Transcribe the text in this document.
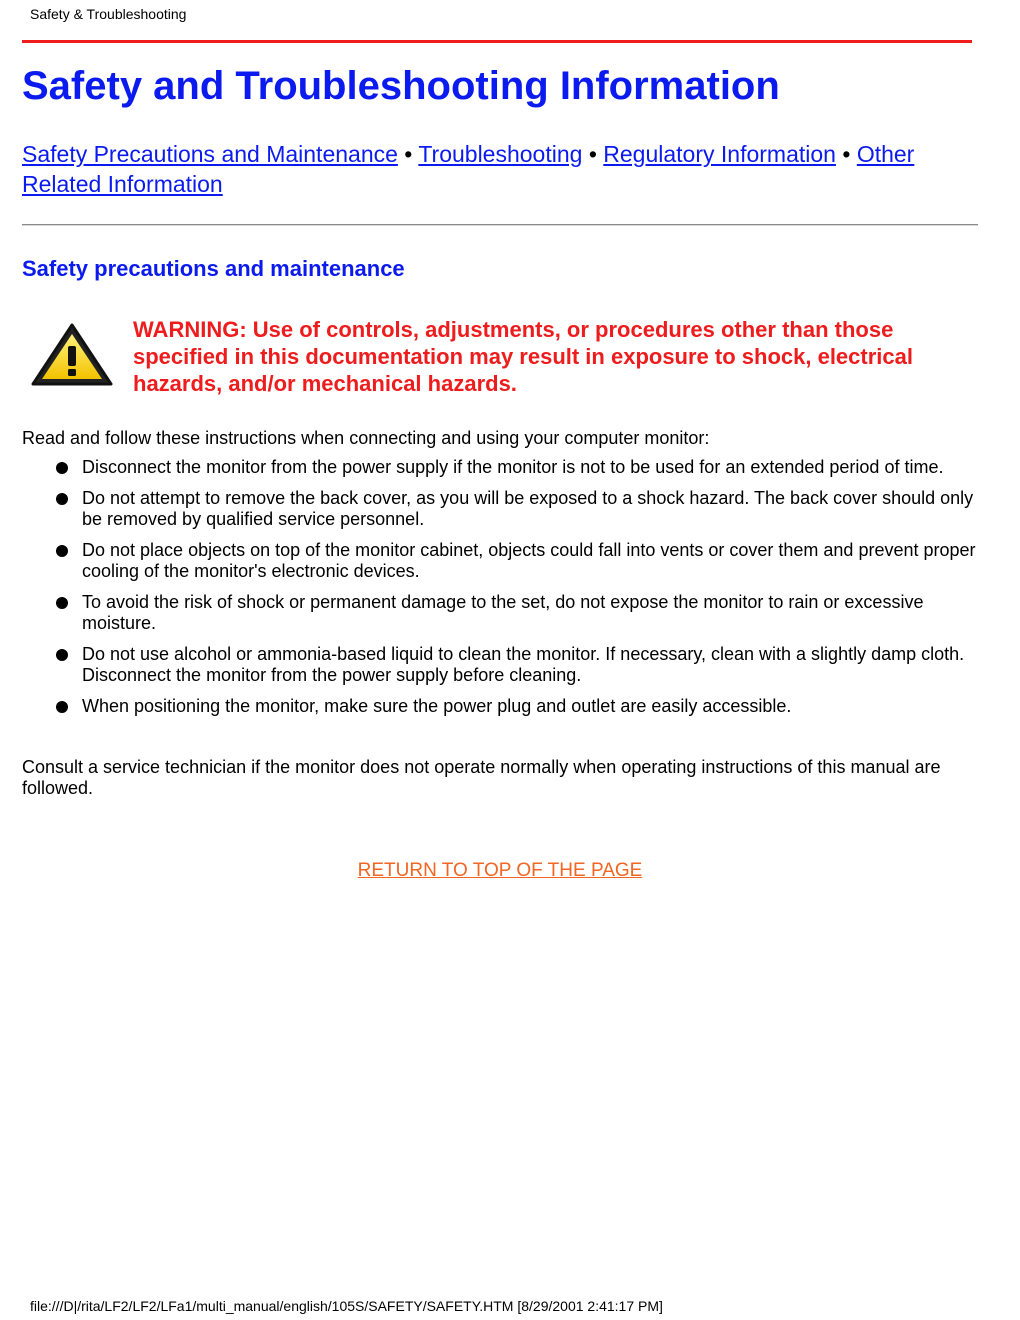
Safety & Troubleshooting
Safety and Troubleshooting Information
Safety Precautions and Maintenance • Troubleshooting • Regulatory Information • Other Related Information
Safety precautions and maintenance
WARNING: Use of controls, adjustments, or procedures other than those specified in this documentation may result in exposure to shock, electrical hazards, and/or mechanical hazards.
Read and follow these instructions when connecting and using your computer monitor:
Disconnect the monitor from the power supply if the monitor is not to be used for an extended period of time.
Do not attempt to remove the back cover, as you will be exposed to a shock hazard. The back cover should only be removed by qualified service personnel.
Do not place objects on top of the monitor cabinet, objects could fall into vents or cover them and prevent proper cooling of the monitor's electronic devices.
To avoid the risk of shock or permanent damage to the set, do not expose the monitor to rain or excessive moisture.
Do not use alcohol or ammonia-based liquid to clean the monitor. If necessary, clean with a slightly damp cloth. Disconnect the monitor from the power supply before cleaning.
When positioning the monitor, make sure the power plug and outlet are easily accessible.
Consult a service technician if the monitor does not operate normally when operating instructions of this manual are followed.
RETURN TO TOP OF THE PAGE
file:///D|/rita/LF2/LF2/LFa1/multi_manual/english/105S/SAFETY/SAFETY.HTM [8/29/2001 2:41:17 PM]
